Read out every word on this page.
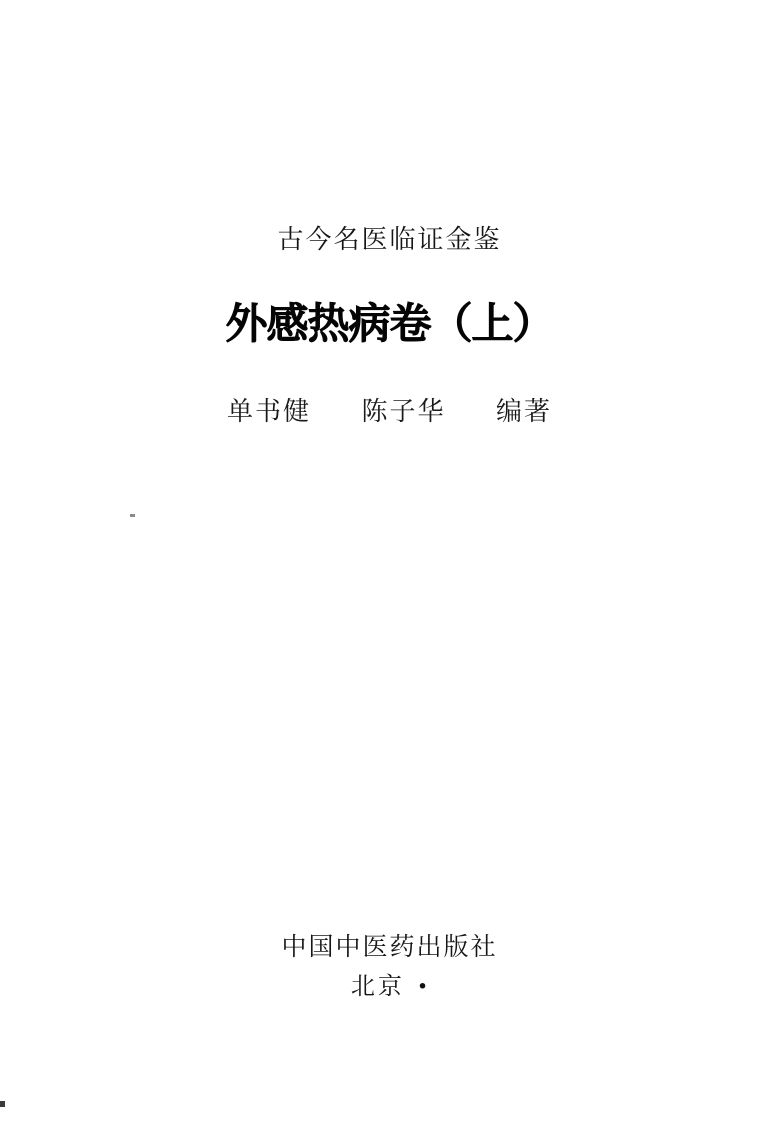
古今名医临证金鉴
外感热病卷（上）
单书健 陈子华 编著
中国中医药出版社
北京 ·
